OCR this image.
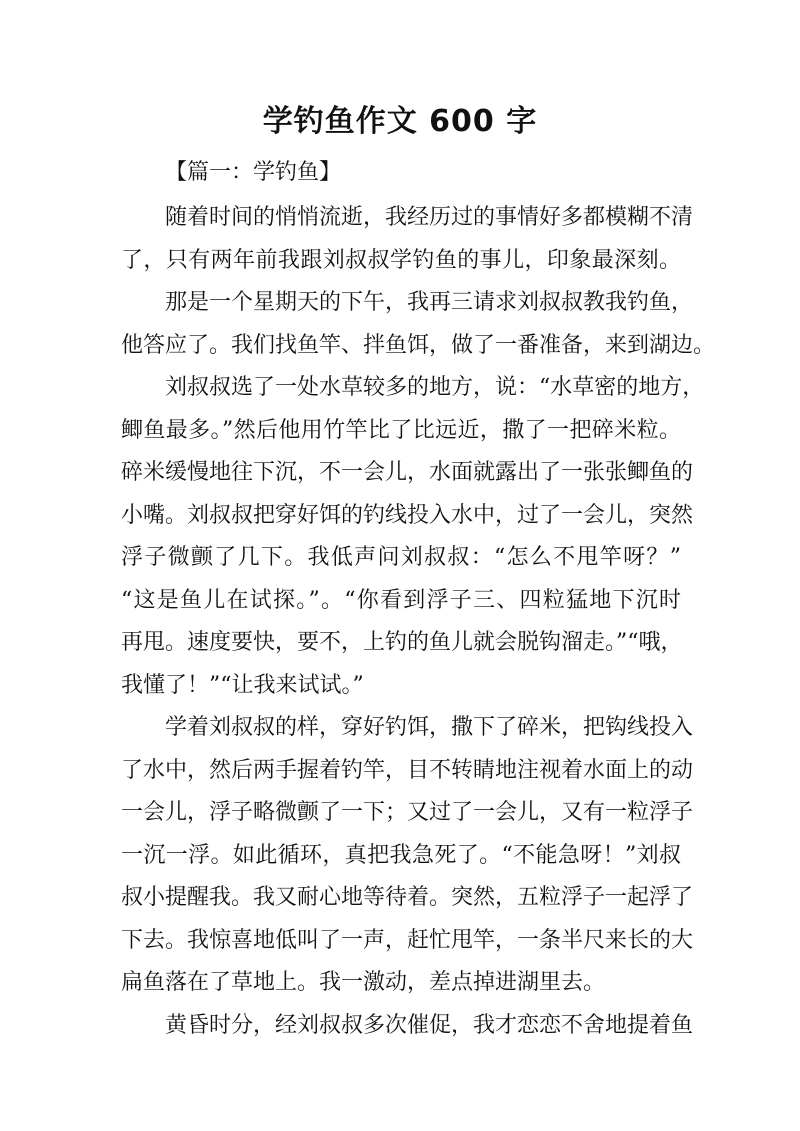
学钓鱼作文 600 字
【篇一：学钓鱼】
随着时间的悄悄流逝，我经历过的事情好多都模糊不清
了，只有两年前我跟刘叔叔学钓鱼的事儿，印象最深刻。
那是一个星期天的下午，我再三请求刘叔叔教我钓鱼，
他答应了。我们找鱼竿、拌鱼饵，做了一番准备，来到湖边。
刘叔叔选了一处水草较多的地方，说：“水草密的地方，
鲫鱼最多。”然后他用竹竿比了比远近，撒了一把碎米粒。
碎米缓慢地往下沉，不一会儿，水面就露出了一张张鲫鱼的
小嘴。刘叔叔把穿好饵的钓线投入水中，过了一会儿，突然
浮子微颤了几下。我低声问刘叔叔：“怎么不甩竿呀？”
“这是鱼儿在试探。”。“你看到浮子三、四粒猛地下沉时
再甩。速度要快，要不，上钓的鱼儿就会脱钩溜走。”“哦，
我懂了！”“让我来试试。”
学着刘叔叔的样，穿好钓饵，撒下了碎米，把钩线投入
了水中，然后两手握着钓竿，目不转睛地注视着水面上的动
一会儿，浮子略微颤了一下；又过了一会儿，又有一粒浮子
一沉一浮。如此循环，真把我急死了。“不能急呀！”刘叔
叔小提醒我。我又耐心地等待着。突然，五粒浮子一起浮了
下去。我惊喜地低叫了一声，赶忙甩竿，一条半尺来长的大
扁鱼落在了草地上。我一激动，差点掉进湖里去。
黄昏时分，经刘叔叔多次催促，我才恋恋不舍地提着鱼
